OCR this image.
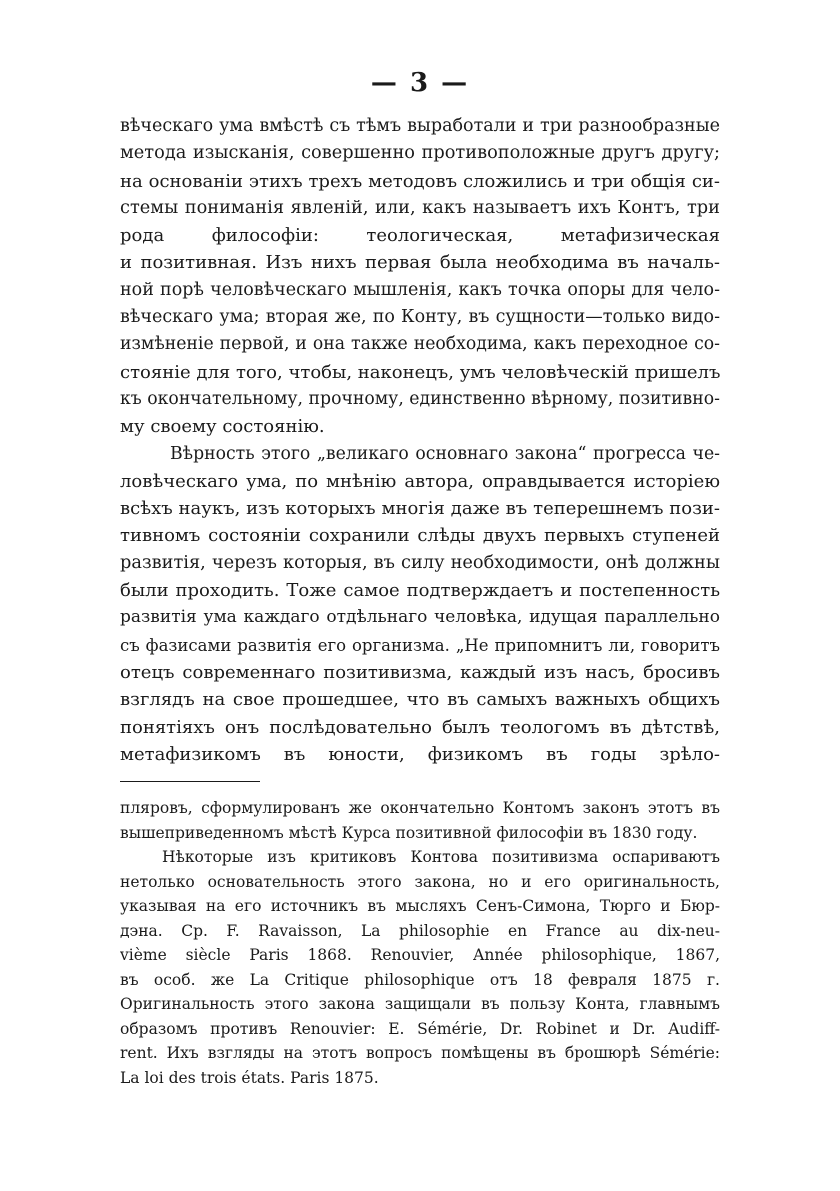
— 3 —
вѣческаго ума вмѣстѣ съ тѣмъ выработали и три разнообразные
метода изысканія, совершенно противоположные другъ другу;
на основаніи этихъ трехъ методовъ сложились и три общія си-
стемы пониманія явленій, или, какъ называетъ ихъ Контъ, три
рода философіи: теологическая, метафизическая
и позитивная. Изъ нихъ первая была необходима въ началь-
ной порѣ человѣческаго мышленія, какъ точка опоры для чело-
вѣческаго ума; вторая же, по Конту, въ сущности—только видо-
измѣненіе первой, и она также необходима, какъ переходное со-
стояніе для того, чтобы, наконецъ, умъ человѣческій пришелъ
къ окончательному, прочному, единственно вѣрному, позитивно-
му своему состоянію.
Вѣрность этого „великаго основнаго закона“ прогресса че-
ловѣческаго ума, по мнѣнію автора, оправдывается исторіею
всѣхъ наукъ, изъ которыхъ многія даже въ теперешнемъ пози-
тивномъ состояніи сохранили слѣды двухъ первыхъ ступеней
развитія, черезъ которыя, въ силу необходимости, онѣ должны
были проходить. Тоже самое подтверждаетъ и постепенность
развитія ума каждаго отдѣльнаго человѣка, идущая параллельно
съ фазисами развитія его организма. „Не припомнитъ ли, говоритъ
отецъ современнаго позитивизма, каждый изъ насъ, бросивъ
взглядъ на свое прошедшее, что въ самыхъ важныхъ общихъ
понятіяхъ онъ послѣдовательно былъ теологомъ въ дѣтствѣ,
метафизикомъ въ юности, физикомъ въ годы зрѣло-
пляровъ, сформулированъ же окончательно Контомъ законъ этотъ въ
вышеприведенномъ мѣстѣ Курса позитивной философіи въ 1830 году.
Нѣкоторые изъ критиковъ Контова позитивизма оспариваютъ
нетолько основательность этого закона, но и его оригинальность,
указывая на его источникъ въ мысляхъ Сенъ-Симона, Тюрго и Бюр-
дэна. Ср. F. Ravaisson, La philosophie en France au dix-neu-
vième siècle Paris 1868. Renouvier, Année philosophique, 1867,
въ особ. же La Critique philosophique отъ 18 февраля 1875 г.
Оригинальность этого закона защищали въ пользу Конта, главнымъ
образомъ противъ Renouvier: E. Sémérie, Dr. Robinet и Dr. Audiff-
rent. Ихъ взгляды на этотъ вопросъ помѣщены въ брошюрѣ Sémérie:
La loi des trois états. Paris 1875.
